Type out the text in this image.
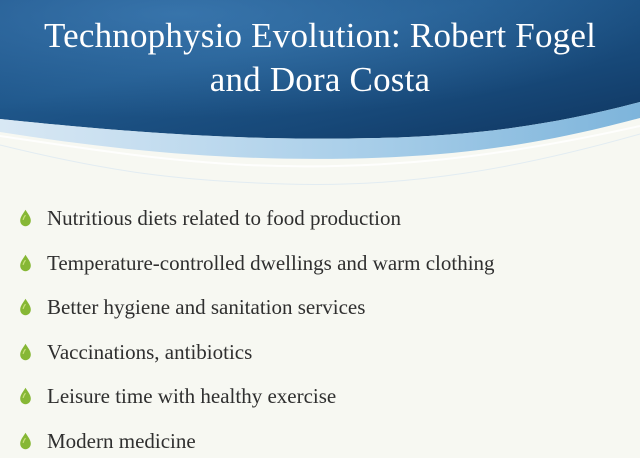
Technophysio Evolution: Robert Fogel
and Dora Costa
Nutritious diets related to food production
Temperature-controlled dwellings and warm clothing
Better hygiene and sanitation services
Vaccinations, antibiotics
Leisure time with healthy exercise
Modern medicine
